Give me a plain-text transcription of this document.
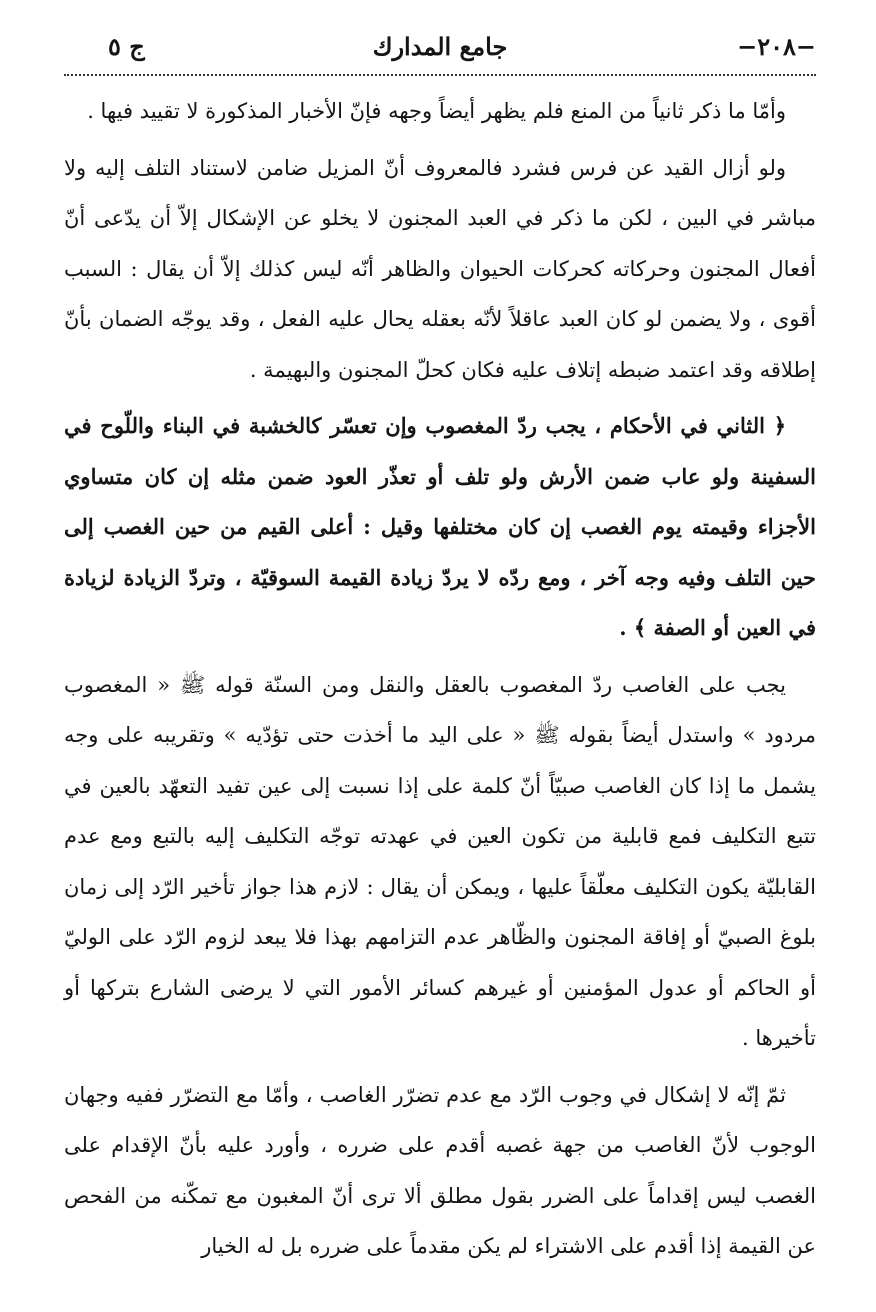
−٢٠٨−
جامع المدارك
ج ٥

وأمّا ما ذكر ثانياً من المنع فلم يظهر أيضاً وجهه فإنّ الأخبار المذكورة لا تقييد فيها .

ولو أزال القيد عن فرس فشرد فالمعروف أنّ المزيل ضامن لاستناد التلف إليه ولا مباشر في البين ، لكن ما ذكر في العبد المجنون لا يخلو عن الإشكال إلاّ أن يدّعى أنّ أفعال المجنون وحركاته كحركات الحيوان والظاهر أنّه ليس كذلك إلاّ أن يقال : السبب أقوى ، ولا يضمن لو كان العبد عاقلاً لأنّه بعقله يحال عليه الفعل ، وقد يوجّه الضمان بأنّ إطلاقه وقد اعتمد ضبطه إتلاف عليه فكان كحلّ المجنون والبهيمة .

﴿ الثاني في الأحكام ، يجب ردّ المغصوب وإن تعسّر كالخشبة في البناء واللّوح في السفينة ولو عاب ضمن الأرش ولو تلف أو تعذّر العود ضمن مثله إن كان متساوي الأجزاء وقيمته يوم الغصب إن كان مختلفها وقيل : أعلى القيم من حين الغصب إلى حين التلف وفيه وجه آخر ، ومع ردّه لا يردّ زيادة القيمة السوقيّة ، وتردّ الزيادة لزيادة في العين أو الصفة ﴾ .

يجب على الغاصب ردّ المغصوب بالعقل والنقل ومن السنّة قوله ﷺ « المغصوب مردود » واستدل أيضاً بقوله ﷺ « على اليد ما أخذت حتى تؤدّيه » وتقريبه على وجه يشمل ما إذا كان الغاصب صبيّاً أنّ كلمة على إذا نسبت إلى عين تفيد التعهّد بالعين في تتبع التكليف فمع قابلية من تكون العين في عهدته توجّه التكليف إليه بالتبع ومع عدم القابليّة يكون التكليف معلّقاً عليها ، ويمكن أن يقال : لازم هذا جواز تأخير الرّد إلى زمان بلوغ الصبيّ أو إفاقة المجنون والظّاهر عدم التزامهم بهذا فلا يبعد لزوم الرّد على الوليّ أو الحاكم أو عدول المؤمنين أو غيرهم كسائر الأمور التي لا يرضى الشارع بتركها أو تأخيرها .

ثمّ إنّه لا إشكال في وجوب الرّد مع عدم تضرّر الغاصب ، وأمّا مع التضرّر ففيه وجهان الوجوب لأنّ الغاصب من جهة غصبه أقدم على ضرره ، وأورد عليه بأنّ الإقدام على الغصب ليس إقداماً على الضرر بقول مطلق ألا ترى أنّ المغبون مع تمكّنه من الفحص عن القيمة إذا أقدم على الاشتراء لم يكن مقدماً على ضرره بل له الخيار
